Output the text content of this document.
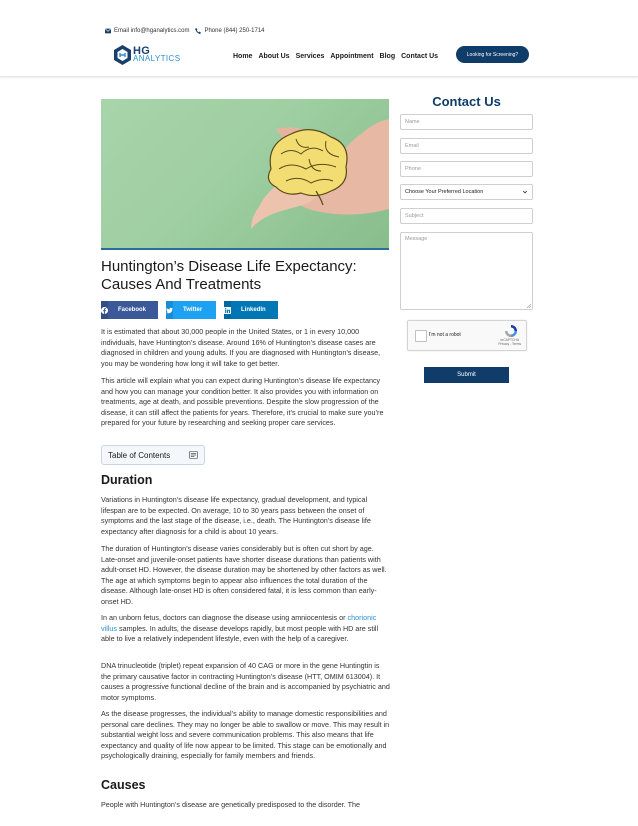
Email info@hganalytics.com	Phone (844) 250-1714
HG
ANALYTICS	Home About Us Services Appointment Blog Contact Us	Looking for Screening?
Huntington’s Disease Life Expectancy: Causes And Treatments
Facebook	Twitter	LinkedIn
It is estimated that about 30,000 people in the United States, or 1 in every 10,000 individuals, have Huntington’s disease. Around 16% of Huntington’s disease cases are diagnosed in children and young adults. If you are diagnosed with Huntington’s disease, you may be wondering how long it will take to get better.
This article will explain what you can expect during Huntington’s disease life expectancy and how you can manage your condition better. It also provides you with information on treatments, age at death, and possible preventions. Despite the slow progression of the disease, it can still affect the patients for years. Therefore, it’s crucial to make sure you’re prepared for your future by researching and seeking proper care services.
Table of Contents
Duration
Variations in Huntington’s disease life expectancy, gradual development, and typical lifespan are to be expected. On average, 10 to 30 years pass between the onset of symptoms and the last stage of the disease, i.e., death. The Huntington’s disease life expectancy after diagnosis for a child is about 10 years.
The duration of Huntington’s disease varies considerably but is often cut short by age. Late-onset and juvenile-onset patients have shorter disease durations than patients with adult-onset HD. However, the disease duration may be shortened by other factors as well. The age at which symptoms begin to appear also influences the total duration of the disease. Although late-onset HD is often considered fatal, it is less common than early-onset HD.
In an unborn fetus, doctors can diagnose the disease using amniocentesis or chorionic villus samples. In adults, the disease develops rapidly, but most people with HD are still able to live a relatively independent lifestyle, even with the help of a caregiver.
DNA trinucleotide (triplet) repeat expansion of 40 CAG or more in the gene Huntingtin is the primary causative factor in contracting Huntington’s disease (HTT, OMIM 613004). It causes a progressive functional decline of the brain and is accompanied by psychiatric and motor symptoms.
As the disease progresses, the individual’s ability to manage domestic responsibilities and personal care declines. They may no longer be able to swallow or move. This may result in substantial weight loss and severe communication problems. This also means that life expectancy and quality of life now appear to be limited. This stage can be emotionally and psychologically draining, especially for family members and friends.
Causes
People with Huntington’s disease are genetically predisposed to the disorder. The
Contact Us
Name
Email
Phone
Choose Your Preferred Location
Subject
Message
I'm not a robot
reCAPTCHA
Privacy - Terms
Submit
